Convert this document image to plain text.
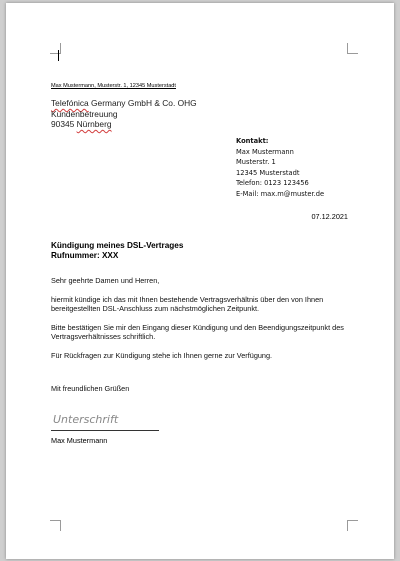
Max Mustermann, Musterstr. 1, 12345 Musterstadt
Telefónica Germany GmbH & Co. OHG
Kundenbetreuung
90345 Nürnberg
Kontakt:
Max Mustermann
Musterstr. 1
12345 Musterstadt
Telefon: 0123 123456
E-Mail: max.m@muster.de
07.12.2021
Kündigung meines DSL-Vertrages
Rufnummer: XXX
Sehr geehrte Damen und Herren,
hiermit kündige ich das mit Ihnen bestehende Vertragsverhältnis über den von Ihnen bereitgestellten DSL-Anschluss zum nächstmöglichen Zeitpunkt.
Bitte bestätigen Sie mir den Eingang dieser Kündigung und den Beendigungszeitpunkt des Vertragsverhältnisses schriftlich.
Für Rückfragen zur Kündigung stehe ich Ihnen gerne zur Verfügung.
Mit freundlichen Grüßen
Unterschrift
Max Mustermann
